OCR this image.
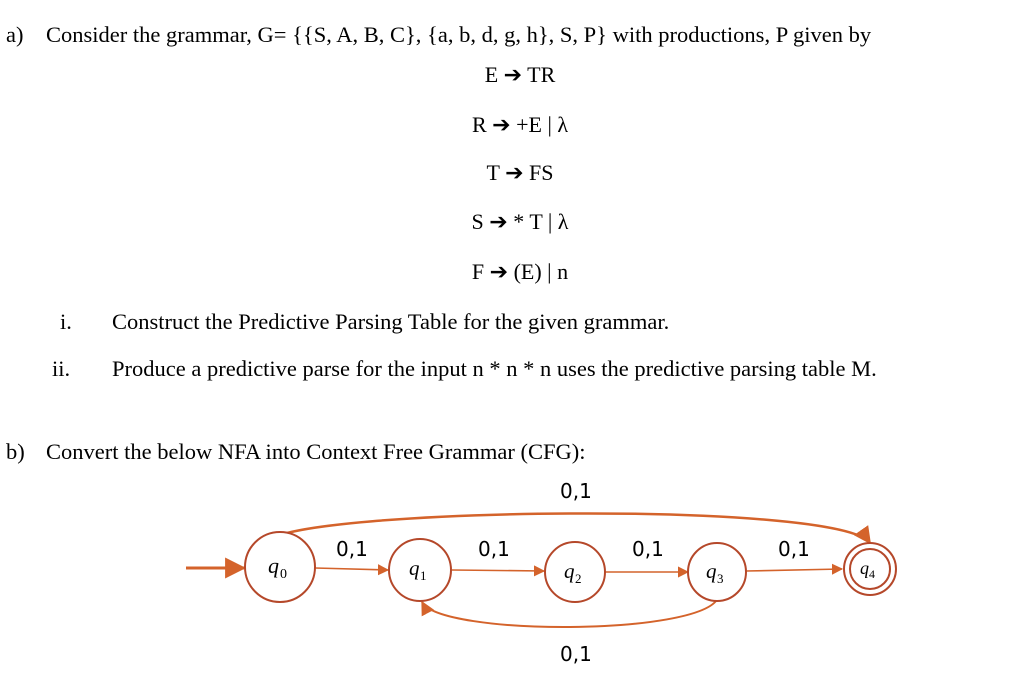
a) Consider the grammar, G= {{S, A, B, C}, {a, b, d, g, h}, S, P} with productions, P given by
E ➔ TR
R ➔ +E | λ
T ➔ FS
S ➔ * T | λ
F ➔ (E) | n
i. Construct the Predictive Parsing Table for the given grammar.
ii. Produce a predictive parse for the input n * n * n uses the predictive parsing table M.
b) Convert the below NFA into Context Free Grammar (CFG):
q 0	q 1	q 2	q 3
q 4
0,1
0,1	0,1	0,1	0,1
0,1
